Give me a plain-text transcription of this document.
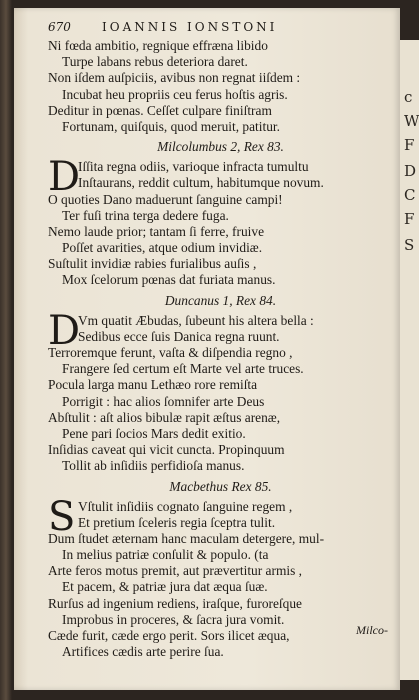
670	IOANNIS IONSTONI
Ni fœda ambitio, regnique effræna libido
Turpe labans rebus deteriora daret.
Non iſdem auſpiciis, avibus non regnat iiſdem :
Incubat heu propriis ceu ferus hoſtis agris.
Deditur in pœnas. Ceſſet culpare finiſtram
Fortunam, quiſquis, quod meruit, patitur.
Milcolumbus 2, Rex 83.
D
Iſſita regna odiis, varioque infracta tumultu
Inſtaurans, reddit cultum, habitumque novum.
O quoties Dano maduerunt ſanguine campi!
Ter fuſi trina terga dedere fuga.
Nemo laude prior; tantam ſi ferre, fruive
Poſſet avarities, atque odium invidiæ.
Suſtulit invidiæ rabies furialibus auſis ,
Mox ſcelorum pœnas dat furiata manus.
Duncanus 1, Rex 84.
D
Vm quatit Æbudas, ſubeunt his altera bella :
Sedibus ecce ſuis Danica regna ruunt.
Terroremque ferunt, vaſta & diſpendia regno ,
Frangere ſed certum eſt Marte vel arte truces.
Pocula larga manu Lethæo rore remiſta
Porrigit : hac alios ſomnifer arte Deus
Abſtulit : aſt alios bibulæ rapit æſtus arenæ,
Pene pari ſocios Mars dedit exitio.
Inſidias caveat qui vicit cuncta. Propinquum
Tollit ab inſidiis perfidioſa manus.
Macbethus Rex 85.
S Vſtulit inſidiis cognato ſanguine regem ,
Et pretium ſceleris regia ſceptra tulit.
Dum ſtudet æternam hanc maculam detergere, mul-
In melius patriæ conſulit & populo. (ta
Arte feros motus premit, aut prævertitur armis ,
Et pacem, & patriæ jura dat æqua ſuæ.
Rurſus ad ingenium rediens, iraſque, furoreſque
Improbus in proceres, & ſacra jura vomit.
Cæde furit, cæde ergo perit. Sors ilicet æqua,
Artifices cædis arte perire ſua.
Milco-
c
W
F
D
C
F
S
